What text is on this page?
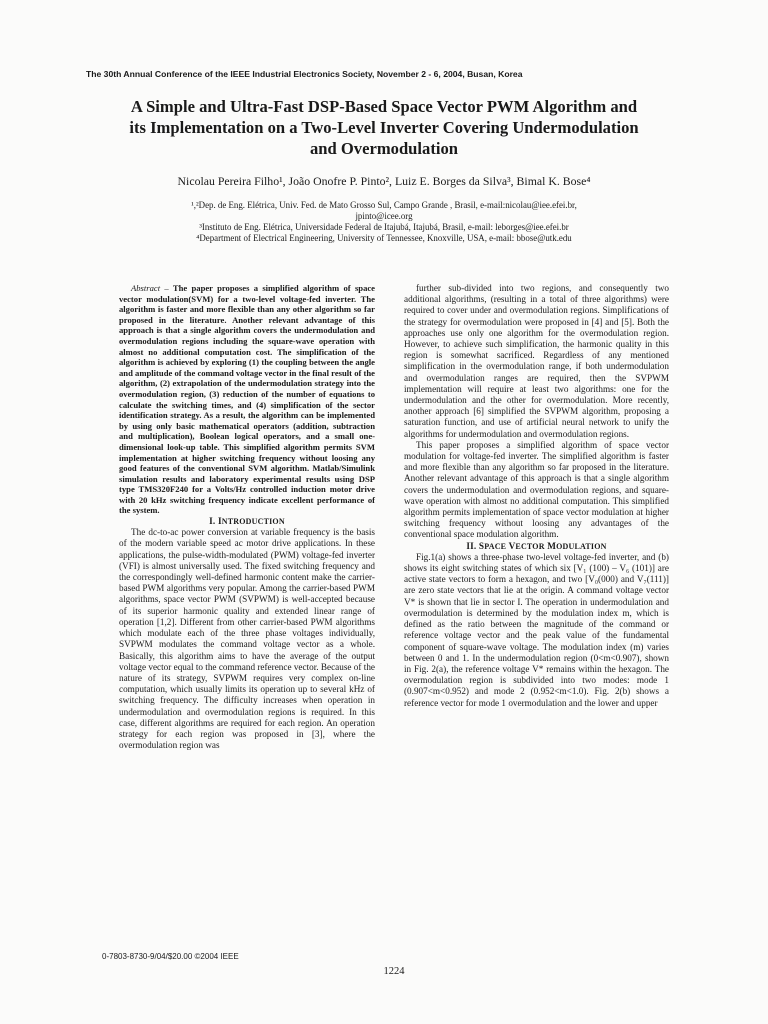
The 30th Annual Conference of the IEEE Industrial Electronics Society, November 2 - 6, 2004, Busan, Korea
A Simple and Ultra-Fast DSP-Based Space Vector PWM Algorithm and
its Implementation on a Two-Level Inverter Covering Undermodulation
and Overmodulation
Nicolau Pereira Filho¹, João Onofre P. Pinto², Luiz E. Borges da Silva³, Bimal K. Bose⁴
¹,²Dep. de Eng. Elétrica, Univ. Fed. de Mato Grosso Sul, Campo Grande , Brasil, e-mail:nicolau@iee.efei.br,
jpinto@icee.org
³Instituto de Eng. Elétrica, Universidade Federal de Itajubá, Itajubá, Brasil, e-mail: leborges@iee.efei.br
⁴Department of Electrical Engineering, University of Tennessee, Knoxville, USA, e-mail: bbose@utk.edu

Abstract – The paper proposes a simplified algorithm of space vector modulation(SVM) for a two-level voltage-fed inverter. The algorithm is faster and more flexible than any other algorithm so far proposed in the literature. Another relevant advantage of this approach is that a single algorithm covers the undermodulation and overmodulation regions including the square-wave operation with almost no additional computation cost. The simplification of the algorithm is achieved by exploring (1) the coupling between the angle and amplitude of the command voltage vector in the final result of the algorithm, (2) extrapolation of the undermodulation strategy into the overmodulation region, (3) reduction of the number of equations to calculate the switching times, and (4) simplification of the sector identification strategy. As a result, the algorithm can be implemented by using only basic mathematical operators (addition, subtraction and multiplication), Boolean logical operators, and a small one-dimensional look-up table. This simplified algorithm permits SVM implementation at higher switching frequency without loosing any good features of the conventional SVM algorithm. Matlab/Simulink simulation results and laboratory experimental results using DSP type TMS320F240 for a Volts/Hz controlled induction motor drive with 20 kHz switching frequency indicate excellent performance of the system.

I. INTRODUCTION

The dc-to-ac power conversion at variable frequency is the basis of the modern variable speed ac motor drive applications. In these applications, the pulse-width-modulated (PWM) voltage-fed inverter (VFI) is almost universally used. The fixed switching frequency and the correspondingly well-defined harmonic content make the carrier-based PWM algorithms very popular. Among the carrier-based PWM algorithms, space vector PWM (SVPWM) is well-accepted because of its superior harmonic quality and extended linear range of operation [1,2]. Different from other carrier-based PWM algorithms which modulate each of the three phase voltages individually, SVPWM modulates the command voltage vector as a whole. Basically, this algorithm aims to have the average of the output voltage vector equal to the command reference vector. Because of the nature of its strategy, SVPWM requires very complex on-line computation, which usually limits its operation up to several kHz of switching frequency. The difficulty increases when operation in undermodulation and overmodulation regions is required. In this case, different algorithms are required for each region. An operation strategy for each region was proposed in [3], where the overmodulation region was

further sub-divided into two regions, and consequently two additional algorithms, (resulting in a total of three algorithms) were required to cover under and overmodulation regions. Simplifications of the strategy for overmodulation were proposed in [4] and [5]. Both the approaches use only one algorithm for the overmodulation region. However, to achieve such simplification, the harmonic quality in this region is somewhat sacrificed. Regardless of any mentioned simplification in the overmodulation range, if both undermodulation and overmodulation ranges are required, then the SVPWM implementation will require at least two algorithms: one for the undermodulation and the other for overmodulation. More recently, another approach [6] simplified the SVPWM algorithm, proposing a saturation function, and use of artificial neural network to unify the algorithms for undermodulation and overmodulation regions.

This paper proposes a simplified algorithm of space vector modulation for voltage-fed inverter. The simplified algorithm is faster and more flexible than any algorithm so far proposed in the literature. Another relevant advantage of this approach is that a single algorithm covers the undermodulation and overmodulation regions, and square-wave operation with almost no additional computation. This simplified algorithm permits implementation of space vector modulation at higher switching frequency without loosing any advantages of the conventional space modulation algorithm.

II. SPACE VECTOR MODULATION

Fig.1(a) shows a three-phase two-level voltage-fed inverter, and (b) shows its eight switching states of which six [V₁ (100) – V₆ (101)] are active state vectors to form a hexagon, and two [V₀(000) and V₇(111)] are zero state vectors that lie at the origin. A command voltage vector V* is shown that lie in sector I. The operation in undermodulation and overmodulation is determined by the modulation index m, which is defined as the ratio between the magnitude of the command or reference voltage vector and the peak value of the fundamental component of square-wave voltage. The modulation index (m) varies between 0 and 1. In the undermodulation region (0<m<0.907), shown in Fig. 2(a), the reference voltage V* remains within the hexagon. The overmodulation region is subdivided into two modes: mode 1 (0.907<m<0.952) and mode 2 (0.952<m<1.0). Fig. 2(b) shows a reference vector for mode 1 overmodulation and the lower and upper

0-7803-8730-9/04/$20.00 ©2004 IEEE
1224
